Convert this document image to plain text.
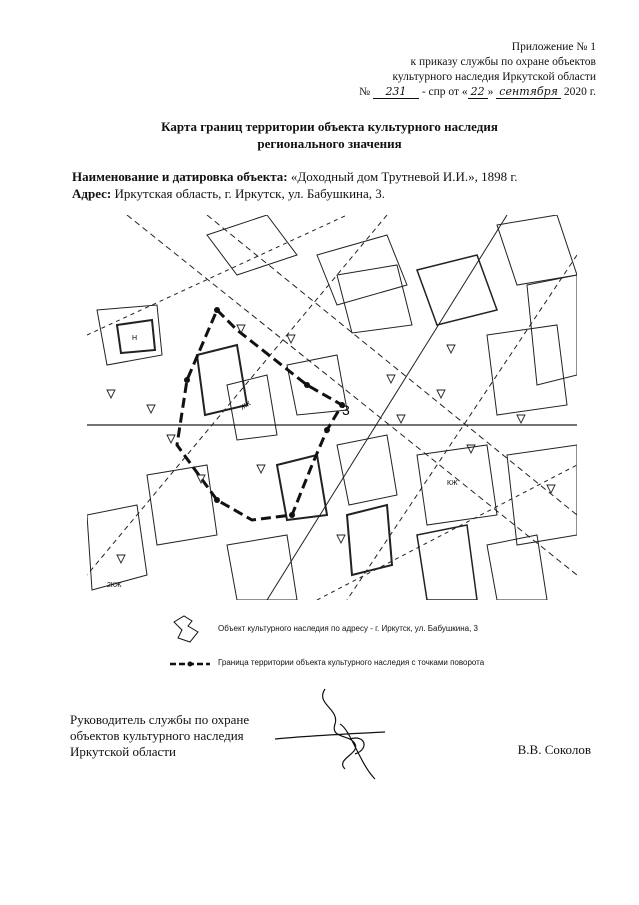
Приложение № 1
к приказу службы по охране объектов
культурного наследия Иркутской области
№ 231 - спр от « 22 » сентября 2020 г.
Карта границ территории объекта культурного наследия
регионального значения
Наименование и датировка объекта: «Доходный дом Трутневой И.И.», 1898 г.
Адрес: Иркутская область, г. Иркутск, ул. Бабушкина, 3.
3
ЖК
2КЖ
КЖ
Н
Объект культурного наследия по адресу - г. Иркутск, ул. Бабушкина, 3
Граница территории объекта культурного наследия с точками поворота
Руководитель службы по охране
объектов культурного наследия
Иркутской области	В.В. Соколов
